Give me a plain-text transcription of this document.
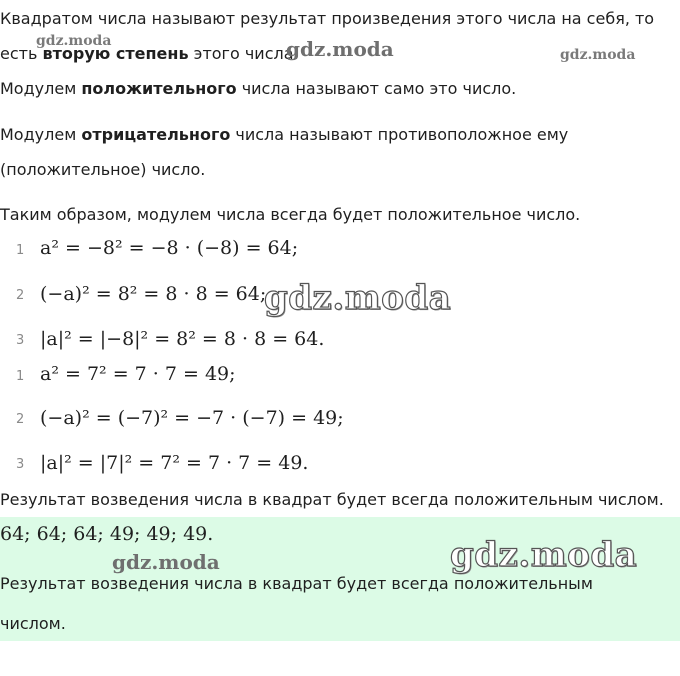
Квадратом числа называют результат произведения этого числа на себя, то
есть вторую степень этого числа.
Модулем положительного числа называют само это число.
Модулем отрицательного числа называют противоположное ему
(положительное) число.
Таким образом, модулем числа всегда будет положительное число.
1 a² = −8² = −8 · (−8) = 64;
2 (−a)² = 8² = 8 · 8 = 64;
3 |a|² = |−8|² = 8² = 8 · 8 = 64.
1 a² = 7² = 7 · 7 = 49;
2 (−a)² = (−7)² = −7 · (−7) = 49;
3 |a|² = |7|² = 7² = 7 · 7 = 49.
Результат возведения числа в квадрат будет всегда положительным числом.
64; 64; 64; 49; 49; 49.
Результат возведения числа в квадрат будет всегда положительным
числом.
gdz.moda	gdz.moda	gdz.moda
gdz.moda
gdz.moda	gdz.moda
